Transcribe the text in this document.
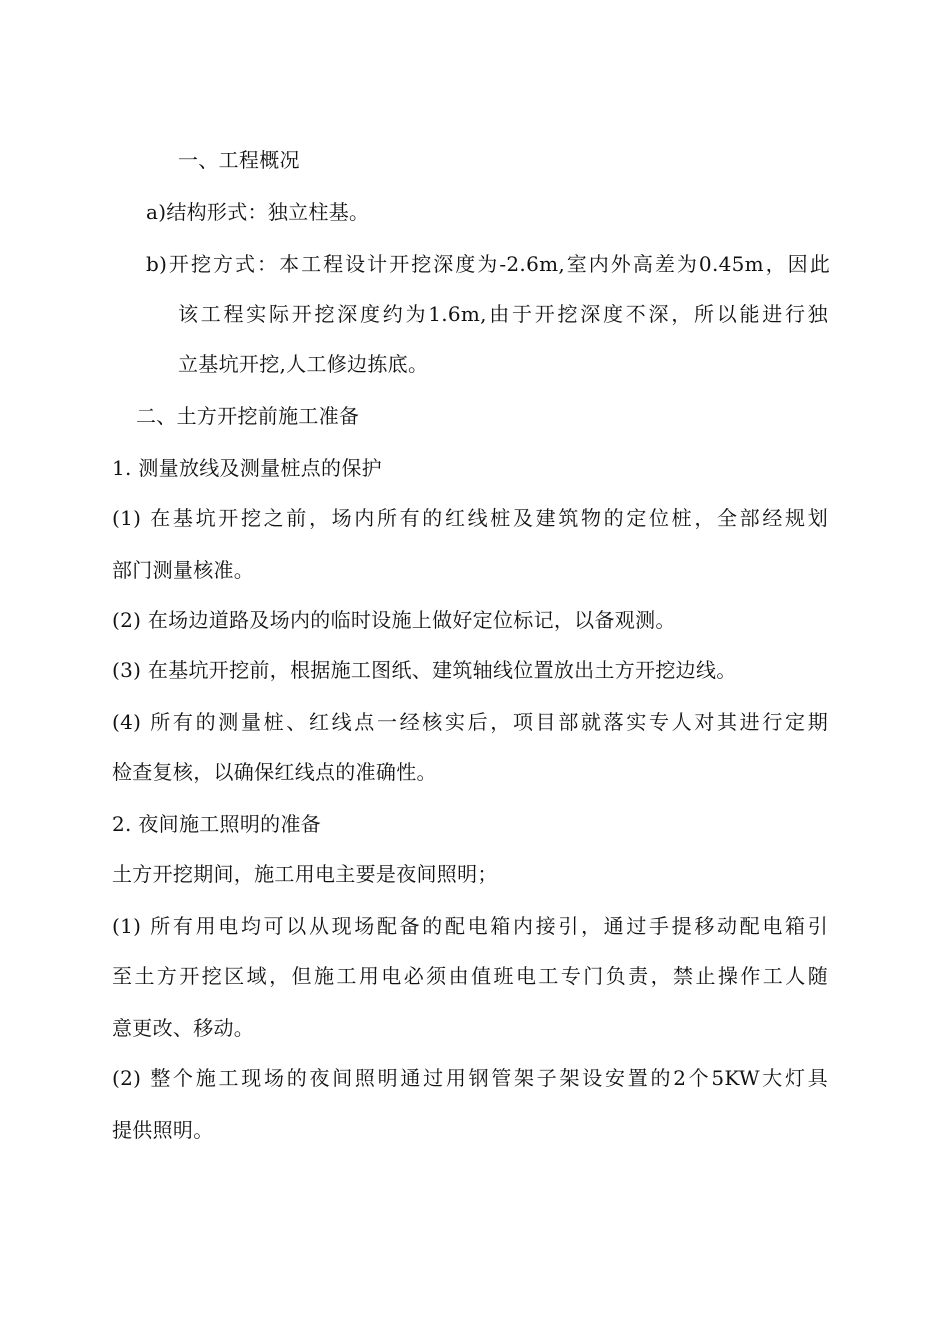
一、工程概况
a)结构形式：独立柱基。
b)开挖方式：本工程设计开挖深度为-2.6m,室内外高差为0.45m，因此
该工程实际开挖深度约为1.6m,由于开挖深度不深，所以能进行独
立基坑开挖,人工修边拣底。
二、土方开挖前施工准备
1. 测量放线及测量桩点的保护
(1) 在基坑开挖之前，场内所有的红线桩及建筑物的定位桩，全部经规划
部门测量核准。
(2) 在场边道路及场内的临时设施上做好定位标记，以备观测。
(3) 在基坑开挖前，根据施工图纸、建筑轴线位置放出土方开挖边线。
(4) 所有的测量桩、红线点一经核实后，项目部就落实专人对其进行定期
检查复核，以确保红线点的准确性。
2. 夜间施工照明的准备
土方开挖期间，施工用电主要是夜间照明；
(1) 所有用电均可以从现场配备的配电箱内接引，通过手提移动配电箱引
至土方开挖区域，但施工用电必须由值班电工专门负责，禁止操作工人随
意更改、移动。
(2) 整个施工现场的夜间照明通过用钢管架子架设安置的2个5KW大灯具
提供照明。
